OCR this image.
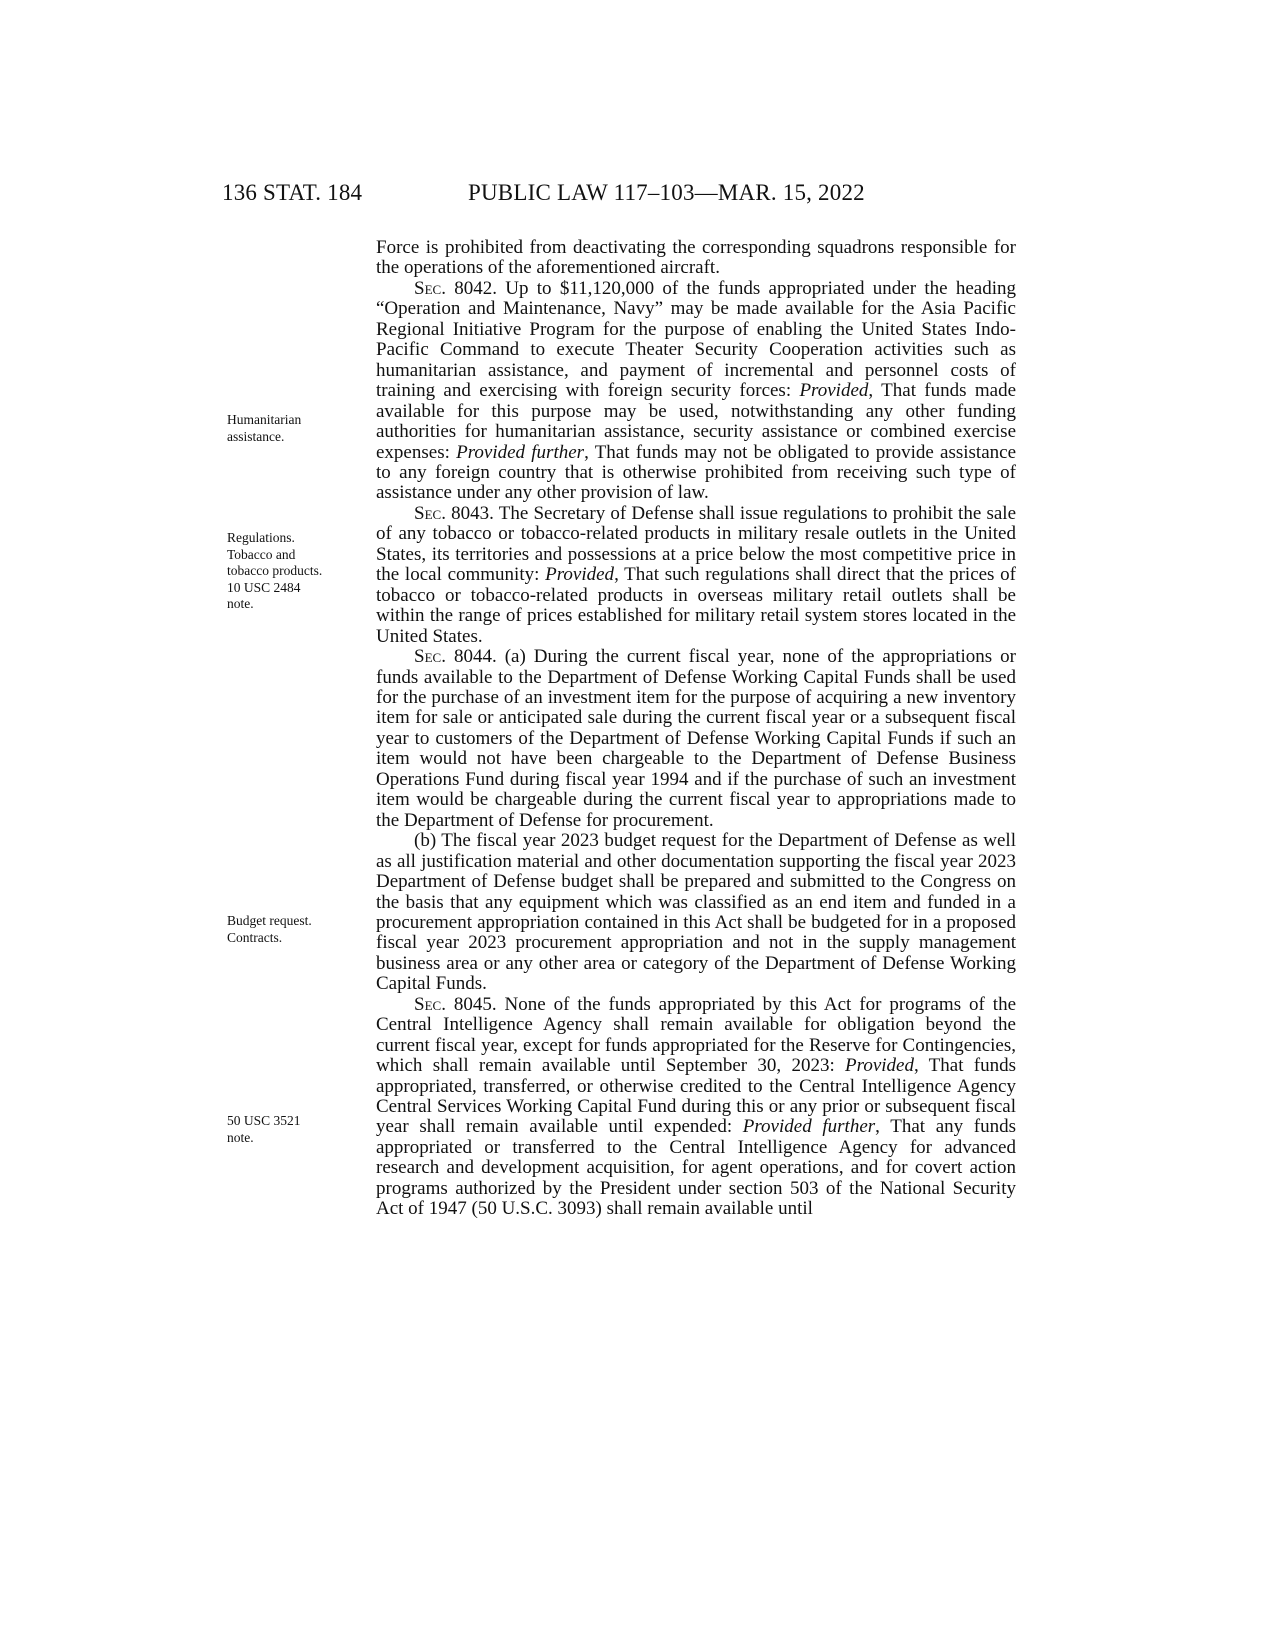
136 STAT. 184	PUBLIC LAW 117–103—MAR. 15, 2022
Humanitarian
assistance.
Regulations.
Tobacco and
tobacco products.
10 USC 2484
note.
Budget request.
Contracts.
50 USC 3521
note.

Force is prohibited from deactivating the corresponding squadrons responsible for the operations of the aforementioned aircraft.

Sec. 8042. Up to $11,120,000 of the funds appropriated under the heading “Operation and Maintenance, Navy” may be made available for the Asia Pacific Regional Initiative Program for the purpose of enabling the United States Indo-Pacific Command to execute Theater Security Cooperation activities such as humanitarian assistance, and payment of incremental and personnel costs of training and exercising with foreign security forces: Provided, That funds made available for this purpose may be used, notwithstanding any other funding authorities for humanitarian assistance, security assistance or combined exercise expenses: Provided further, That funds may not be obligated to provide assistance to any foreign country that is otherwise prohibited from receiving such type of assistance under any other provision of law.

Sec. 8043. The Secretary of Defense shall issue regulations to prohibit the sale of any tobacco or tobacco-related products in military resale outlets in the United States, its territories and possessions at a price below the most competitive price in the local community: Provided, That such regulations shall direct that the prices of tobacco or tobacco-related products in overseas military retail outlets shall be within the range of prices established for military retail system stores located in the United States.

Sec. 8044. (a) During the current fiscal year, none of the appropriations or funds available to the Department of Defense Working Capital Funds shall be used for the purchase of an investment item for the purpose of acquiring a new inventory item for sale or anticipated sale during the current fiscal year or a subsequent fiscal year to customers of the Department of Defense Working Capital Funds if such an item would not have been chargeable to the Department of Defense Business Operations Fund during fiscal year 1994 and if the purchase of such an investment item would be chargeable during the current fiscal year to appropriations made to the Department of Defense for procurement.

(b) The fiscal year 2023 budget request for the Department of Defense as well as all justification material and other documentation supporting the fiscal year 2023 Department of Defense budget shall be prepared and submitted to the Congress on the basis that any equipment which was classified as an end item and funded in a procurement appropriation contained in this Act shall be budgeted for in a proposed fiscal year 2023 procurement appropriation and not in the supply management business area or any other area or category of the Department of Defense Working Capital Funds.

Sec. 8045. None of the funds appropriated by this Act for programs of the Central Intelligence Agency shall remain available for obligation beyond the current fiscal year, except for funds appropriated for the Reserve for Contingencies, which shall remain available until September 30, 2023: Provided, That funds appropriated, transferred, or otherwise credited to the Central Intelligence Agency Central Services Working Capital Fund during this or any prior or subsequent fiscal year shall remain available until expended: Provided further, That any funds appropriated or transferred to the Central Intelligence Agency for advanced research and development acquisition, for agent operations, and for covert action programs authorized by the President under section 503 of the National Security Act of 1947 (50 U.S.C. 3093) shall remain available until
